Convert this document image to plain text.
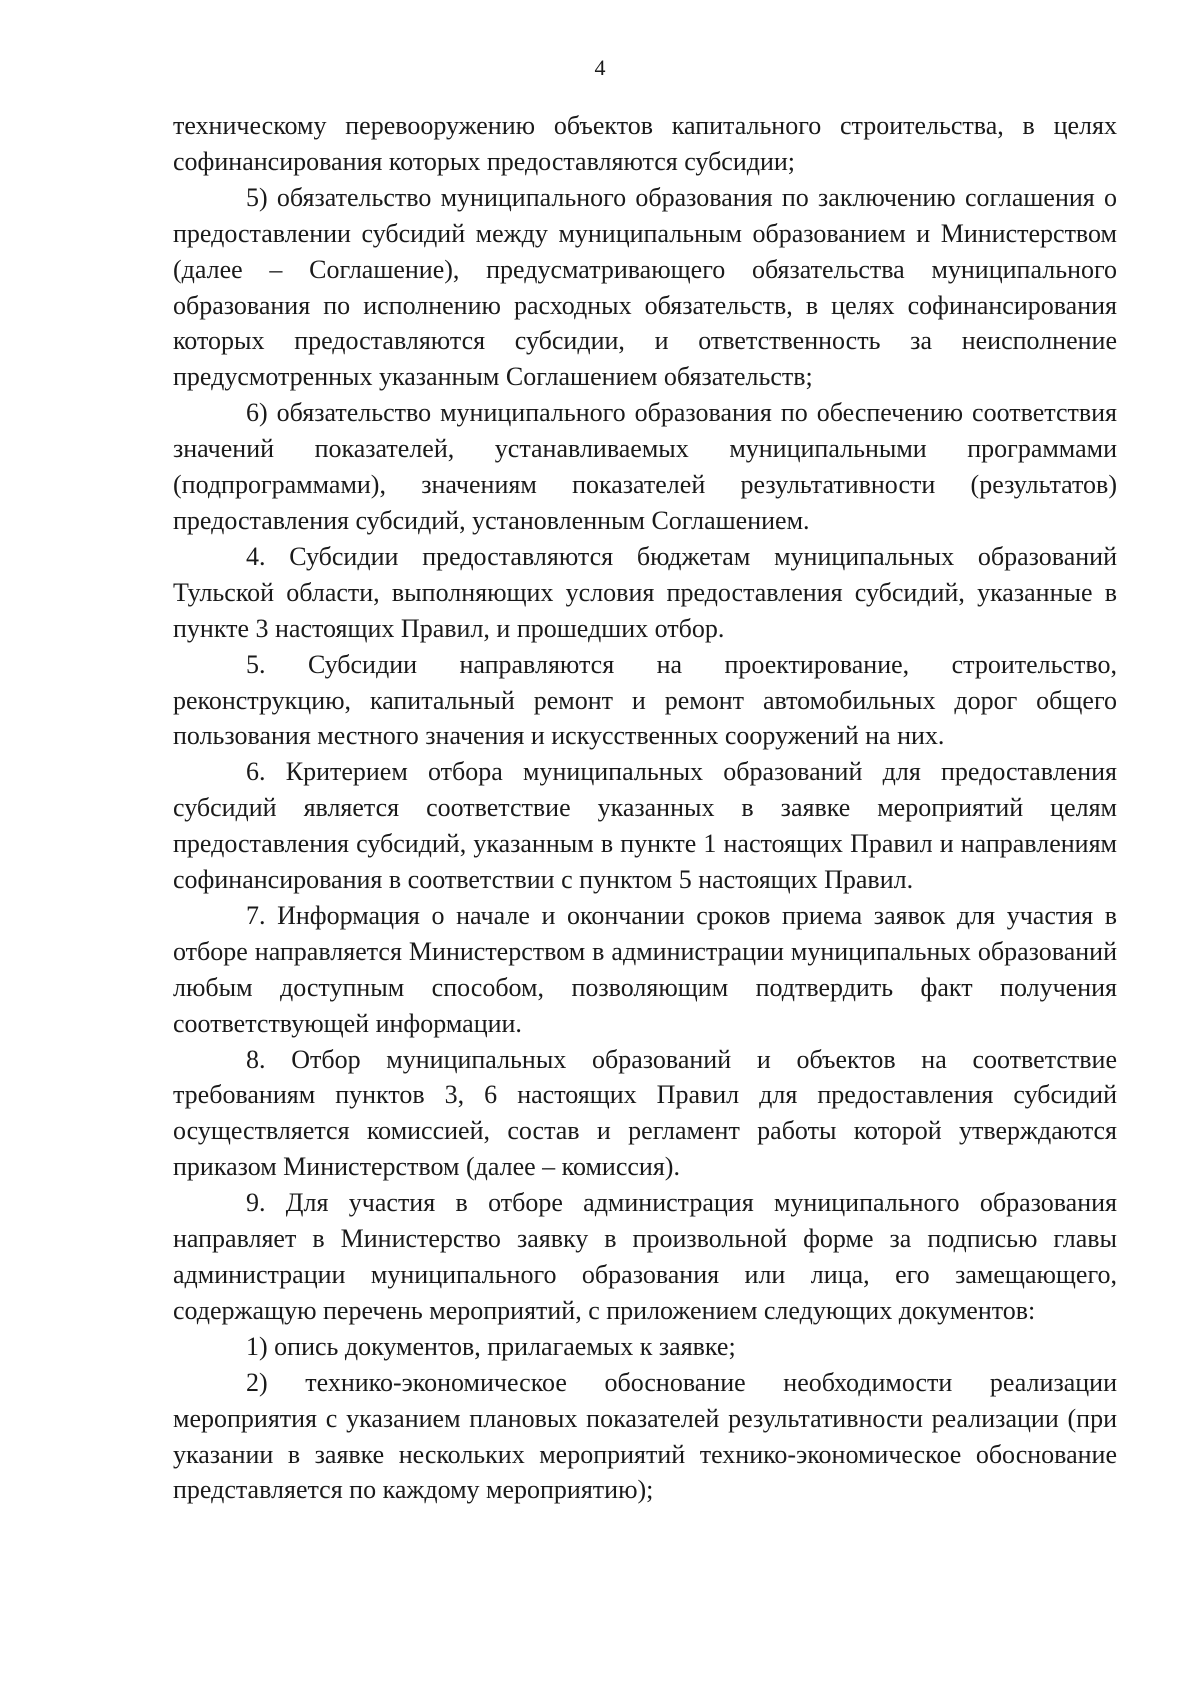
4

техническому перевооружению объектов капитального строительства, в целях софинансирования которых предоставляются субсидии;

5) обязательство муниципального образования по заключению соглашения о предоставлении субсидий между муниципальным образованием и Министерством (далее – Соглашение), предусматривающего обязательства муниципального образования по исполнению расходных обязательств, в целях софинансирования которых предоставляются субсидии, и ответственность за неисполнение предусмотренных указанным Соглашением обязательств;

6) обязательство муниципального образования по обеспечению соответствия значений показателей, устанавливаемых муниципальными программами (подпрограммами), значениям показателей результативности (результатов) предоставления субсидий, установленным Соглашением.

4. Субсидии предоставляются бюджетам муниципальных образований Тульской области, выполняющих условия предоставления субсидий, указанные в пункте 3 настоящих Правил, и прошедших отбор.

5. Субсидии направляются на проектирование, строительство, реконструкцию, капитальный ремонт и ремонт автомобильных дорог общего пользования местного значения и искусственных сооружений на них.

6. Критерием отбора муниципальных образований для предоставления субсидий является соответствие указанных в заявке мероприятий целям предоставления субсидий, указанным в пункте 1 настоящих Правил и направлениям софинансирования в соответствии с пунктом 5 настоящих Правил.

7. Информация о начале и окончании сроков приема заявок для участия в отборе направляется Министерством в администрации муниципальных образований любым доступным способом, позволяющим подтвердить факт получения соответствующей информации.

8. Отбор муниципальных образований и объектов на соответствие требованиям пунктов 3, 6 настоящих Правил для предоставления субсидий осуществляется комиссией, состав и регламент работы которой утверждаются приказом Министерством (далее – комиссия).

9. Для участия в отборе администрация муниципального образования направляет в Министерство заявку в произвольной форме за подписью главы администрации муниципального образования или лица, его замещающего, содержащую перечень мероприятий, с приложением следующих документов:

1) опись документов, прилагаемых к заявке;

2) технико-экономическое обоснование необходимости реализации мероприятия с указанием плановых показателей результативности реализации (при указании в заявке нескольких мероприятий технико-экономическое обоснование представляется по каждому мероприятию);
